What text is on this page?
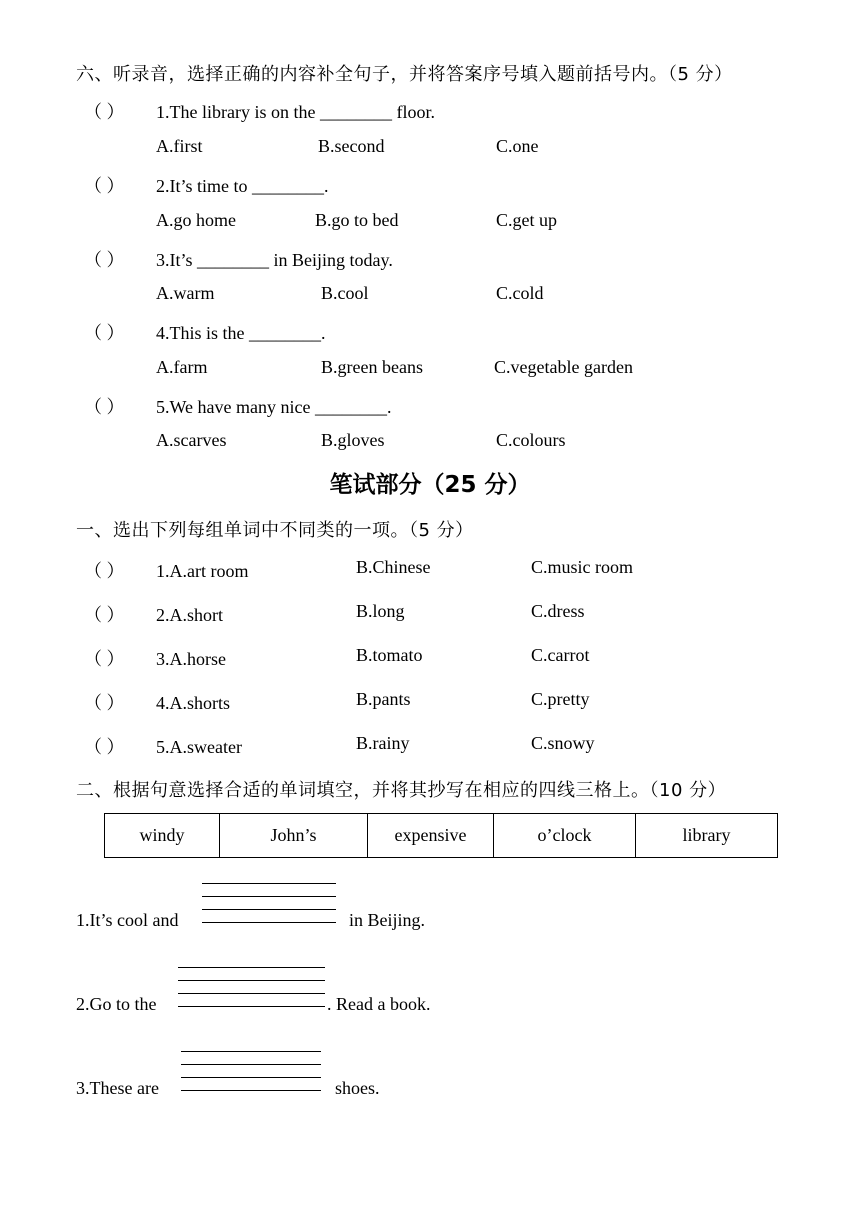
六、听录音，选择正确的内容补全句子，并将答案序号填入题前括号内。（5 分）
（ ） 1.The library is on the ________ floor.
A.first	B.second	C.one
（ ） 2.It’s time to ________.
A.go home	B.go to bed	C.get up
（ ） 3.It’s ________ in Beijing today.
A.warm	B.cool	C.cold
（ ） 4.This is the ________.
A.farm	B.green beans	C.vegetable garden
（ ） 5.We have many nice ________.
A.scarves	B.gloves	C.colours
笔试部分（25 分）
一、选出下列每组单词中不同类的一项。（5 分）
（ ） 1.A.art room	B.Chinese	C.music room
（ ） 2.A.short	B.long	C.dress
（ ） 3.A.horse	B.tomato	C.carrot
（ ） 4.A.shorts	B.pants	C.pretty
（ ） 5.A.sweater	B.rainy	C.snowy
二、根据句意选择合适的单词填空，并将其抄写在相应的四线三格上。（10 分）
windy	John’s	expensive	o’clock	library
1.It’s cool and	in Beijing.
2.Go to the	. Read a book.
3.These are	shoes.
